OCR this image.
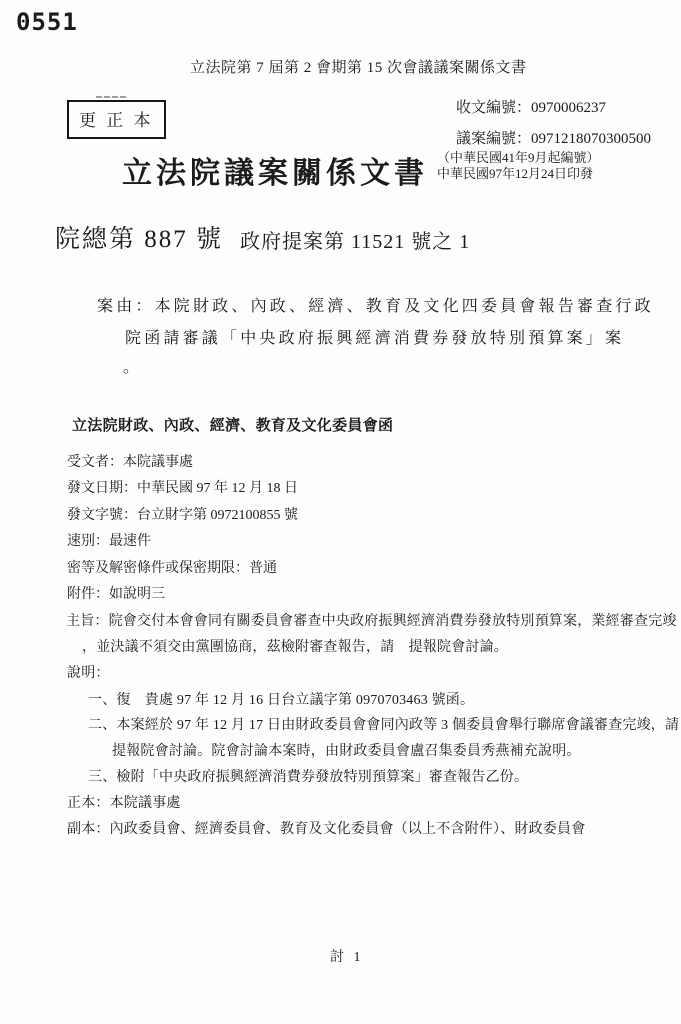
0551
立法院第 7 屆第 2 會期第 15 次會議議案關係文書
更 正 本
收文編號：0970006237
議案編號：0971218070300500
立法院議案關係文書 （中華民國41年9月起編號）
中華民國97年12月24日印發
院總第 887 號 政府提案第 11521 號之 1
案由：本院財政、內政、經濟、教育及文化四委員會報告審查行政
院函請審議「中央政府振興經濟消費券發放特別預算案」案
。
立法院財政、內政、經濟、教育及文化委員會函
受文者：本院議事處
發文日期：中華民國 97 年 12 月 18 日
發文字號：台立財字第 0972100855 號
速別：最速件
密等及解密條件或保密期限：普通
附件：如說明三
主旨：院會交付本會會同有關委員會審查中央政府振興經濟消費券發放特別預算案，業經審查完竣
，並決議不須交由黨團協商，茲檢附審查報告，請　提報院會討論。
說明：
一、復　貴處 97 年 12 月 16 日台立議字第 0970703463 號函。
二、本案經於 97 年 12 月 17 日由財政委員會會同內政等 3 個委員會舉行聯席會議審查完竣，請
提報院會討論。院會討論本案時，由財政委員會盧召集委員秀燕補充說明。
三、檢附「中央政府振興經濟消費券發放特別預算案」審查報告乙份。
正本：本院議事處
副本：內政委員會、經濟委員會、教育及文化委員會（以上不含附件）、財政委員會
討 1
